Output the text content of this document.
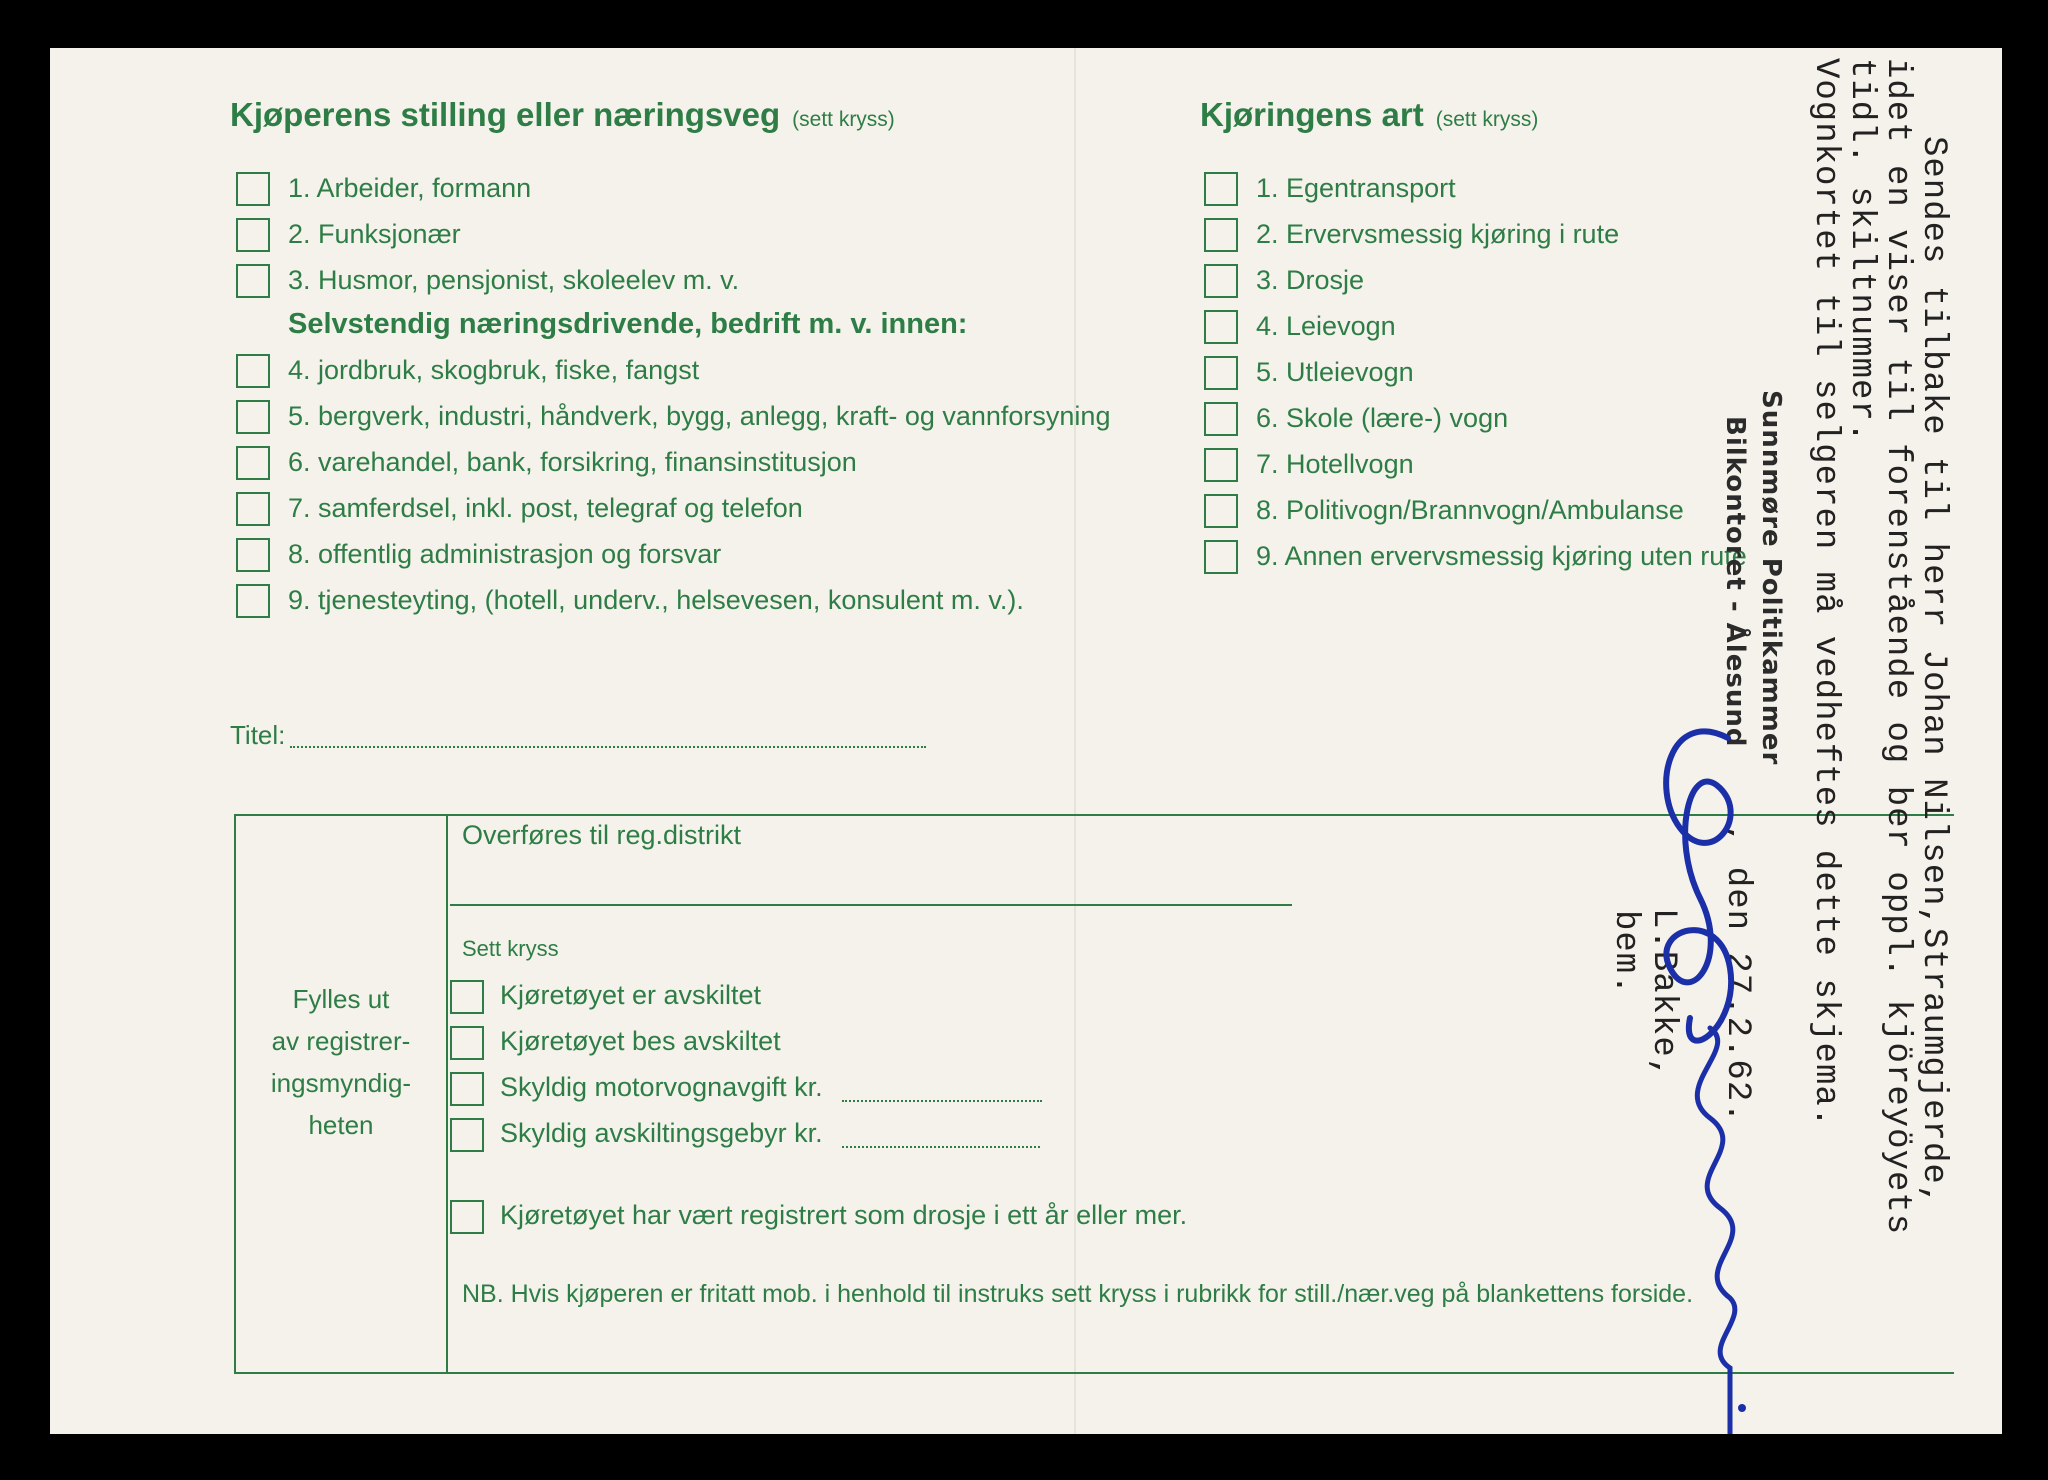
Kjøperens stilling eller næringsveg (sett kryss)
1. Arbeider, formann
2. Funksjonær
3. Husmor, pensjonist, skoleelev m. v.
Selvstendig næringsdrivende, bedrift m. v. innen:
4. jordbruk, skogbruk, fiske, fangst
5. bergverk, industri, håndverk, bygg, anlegg, kraft- og vannforsyning
6. varehandel, bank, forsikring, finansinstitusjon
7. samferdsel, inkl. post, telegraf og telefon
8. offentlig administrasjon og forsvar
9. tjenesteyting, (hotell, underv., helsevesen, konsulent m. v.).
Titel:
Kjøringens art (sett kryss)
1. Egentransport
2. Ervervsmessig kjøring i rute
3. Drosje
4. Leievogn
5. Utleievogn
6. Skole (lære-) vogn
7. Hotellvogn
8. Politivogn/Brannvogn/Ambulanse
9. Annen ervervsmessig kjøring uten rute
Fylles ut
av registrer-
ingsmyndig-
heten
Overføres til reg.distrikt
Sett kryss
Kjøretøyet er avskiltet
Kjøretøyet bes avskiltet
Skyldig motorvognavgift kr.
Skyldig avskiltingsgebyr kr.
Kjøretøyet har vært registrert som drosje i ett år eller mer.
NB. Hvis kjøperen er fritatt mob. i henhold til instruks sett kryss i rubrikk for still./nær.veg på blankettens forside.
Sendes tilbake til herr Johan Nilsen,Straumgjerde,
idet en viser til forenstående og ber oppl. kjöreyöyets
tidl. skiltnummer.
Vognkortet til selgeren må vedheftes dette skjema.
, den 27.2.62.
L.Bakke,
bem.
Sunnmøre Politikammer
Bilkontoret - Ålesund
